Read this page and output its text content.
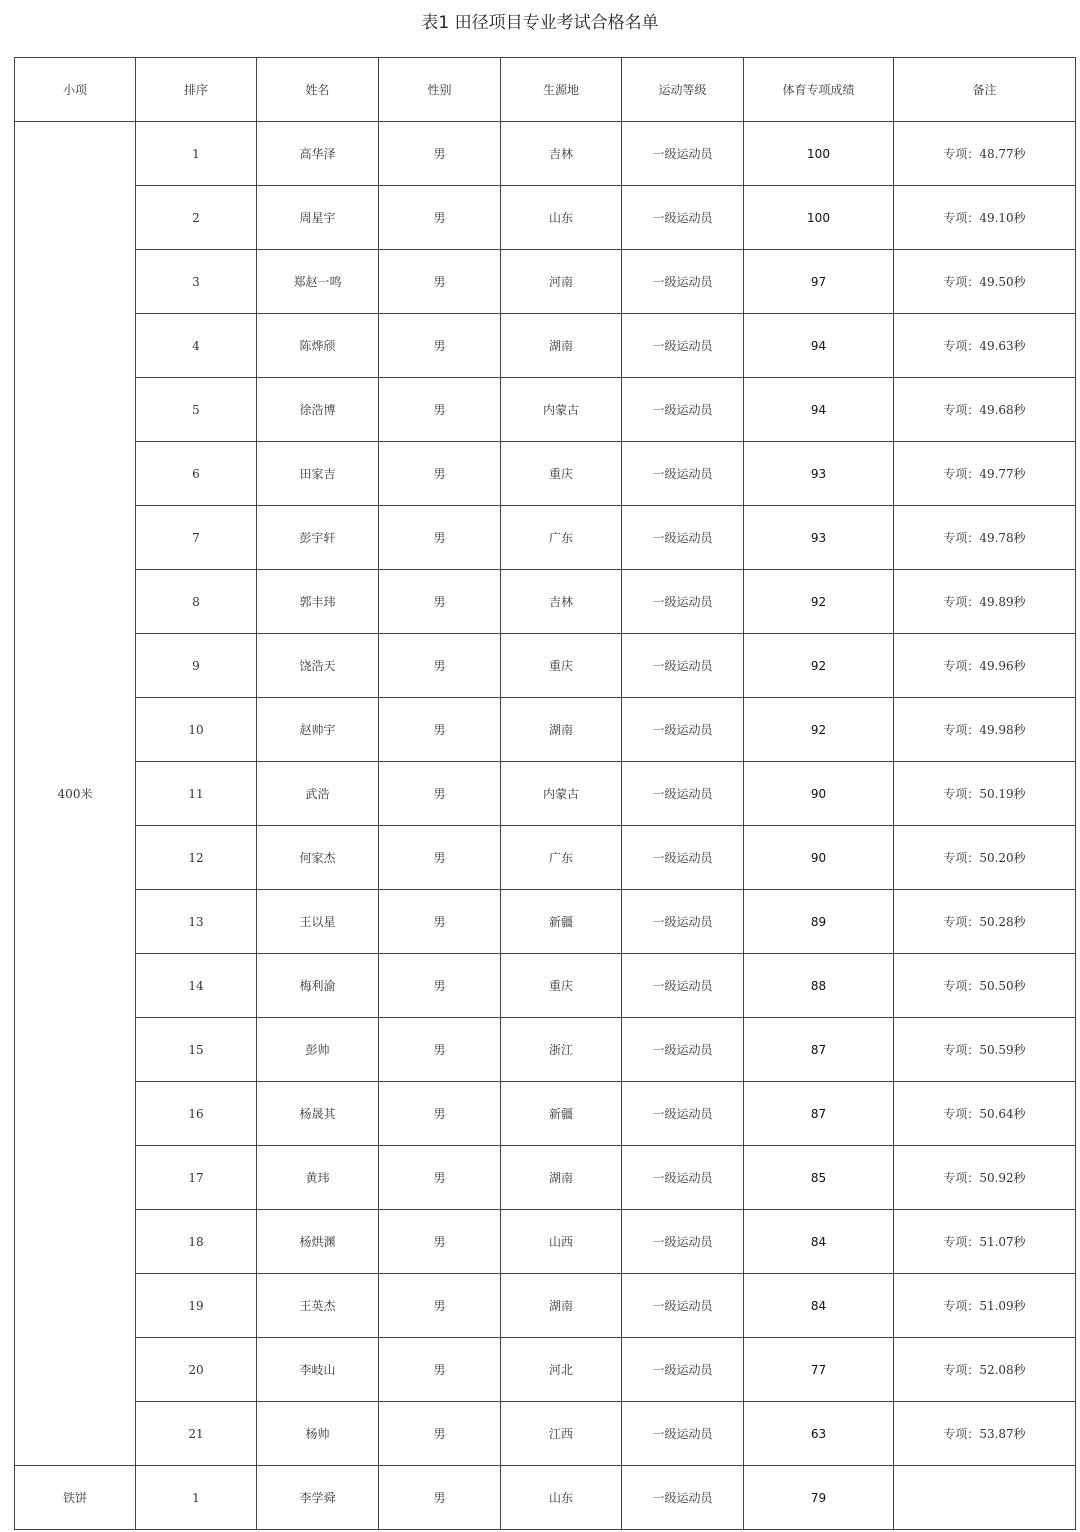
表1 田径项目专业考试合格名单
小项	排序	姓名	性别	生源地	运动等级	体育专项成绩	备注
400米	1	高华泽	男	吉林	一级运动员	100	专项：48.77秒
	2	周星宇	男	山东	一级运动员	100	专项：49.10秒
	3	郑赵一鸣	男	河南	一级运动员	97	专项：49.50秒
	4	陈烨颀	男	湖南	一级运动员	94	专项：49.63秒
	5	徐浩博	男	内蒙古	一级运动员	94	专项：49.68秒
	6	田家吉	男	重庆	一级运动员	93	专项：49.77秒
	7	彭宇轩	男	广东	一级运动员	93	专项：49.78秒
	8	郭丰玮	男	吉林	一级运动员	92	专项：49.89秒
	9	饶浩天	男	重庆	一级运动员	92	专项：49.96秒
	10	赵帅宇	男	湖南	一级运动员	92	专项：49.98秒
	11	武浩	男	内蒙古	一级运动员	90	专项：50.19秒
	12	何家杰	男	广东	一级运动员	90	专项：50.20秒
	13	王以星	男	新疆	一级运动员	89	专项：50.28秒
	14	梅利渝	男	重庆	一级运动员	88	专项：50.50秒
	15	彭帅	男	浙江	一级运动员	87	专项：50.59秒
	16	杨晟其	男	新疆	一级运动员	87	专项：50.64秒
	17	黄玮	男	湖南	一级运动员	85	专项：50.92秒
	18	杨烘渊	男	山西	一级运动员	84	专项：51.07秒
	19	王英杰	男	湖南	一级运动员	84	专项：51.09秒
	20	李岐山	男	河北	一级运动员	77	专项：52.08秒
	21	杨帅	男	江西	一级运动员	63	专项：53.87秒
铁饼	1	李学舜	男	山东	一级运动员	79	
